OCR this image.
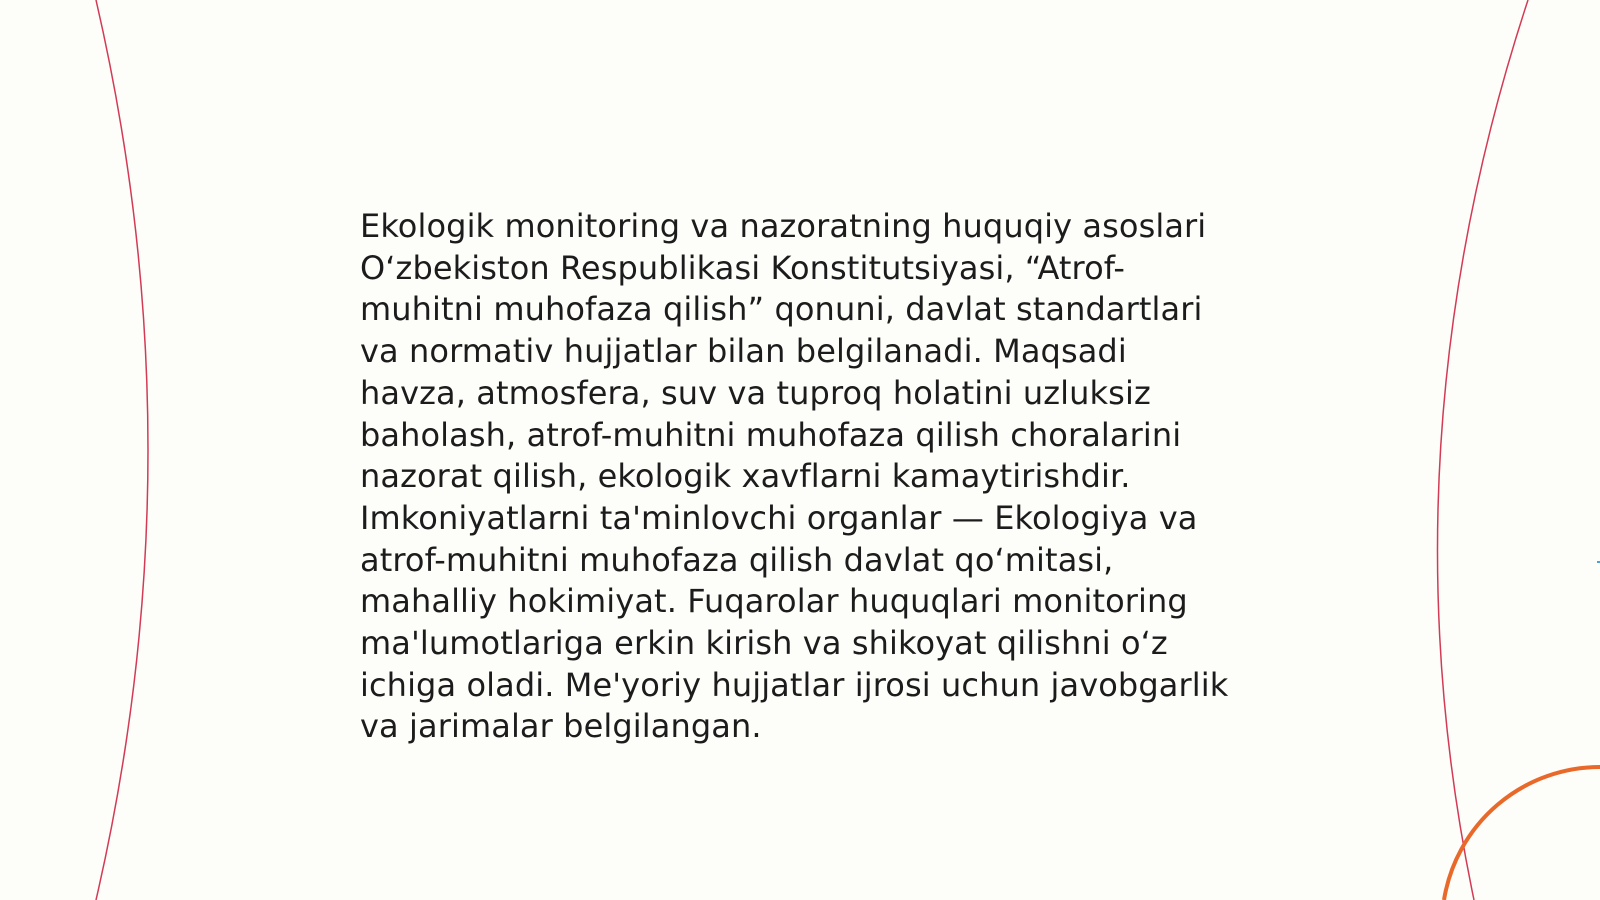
Ekologik monitoring va nazoratning huquqiy asoslari
O‘zbekiston Respublikasi Konstitutsiyasi, “Atrof-
muhitni muhofaza qilish” qonuni, davlat standartlari
va normativ hujjatlar bilan belgilanadi. Maqsadi
havza, atmosfera, suv va tuproq holatini uzluksiz
baholash, atrof-muhitni muhofaza qilish choralarini
nazorat qilish, ekologik xavflarni kamaytirishdir.
Imkoniyatlarni ta'minlovchi organlar — Ekologiya va
atrof-muhitni muhofaza qilish davlat qo‘mitasi,
mahalliy hokimiyat. Fuqarolar huquqlari monitoring
ma'lumotlariga erkin kirish va shikoyat qilishni o‘z
ichiga oladi. Me'yoriy hujjatlar ijrosi uchun javobgarlik
va jarimalar belgilangan.
